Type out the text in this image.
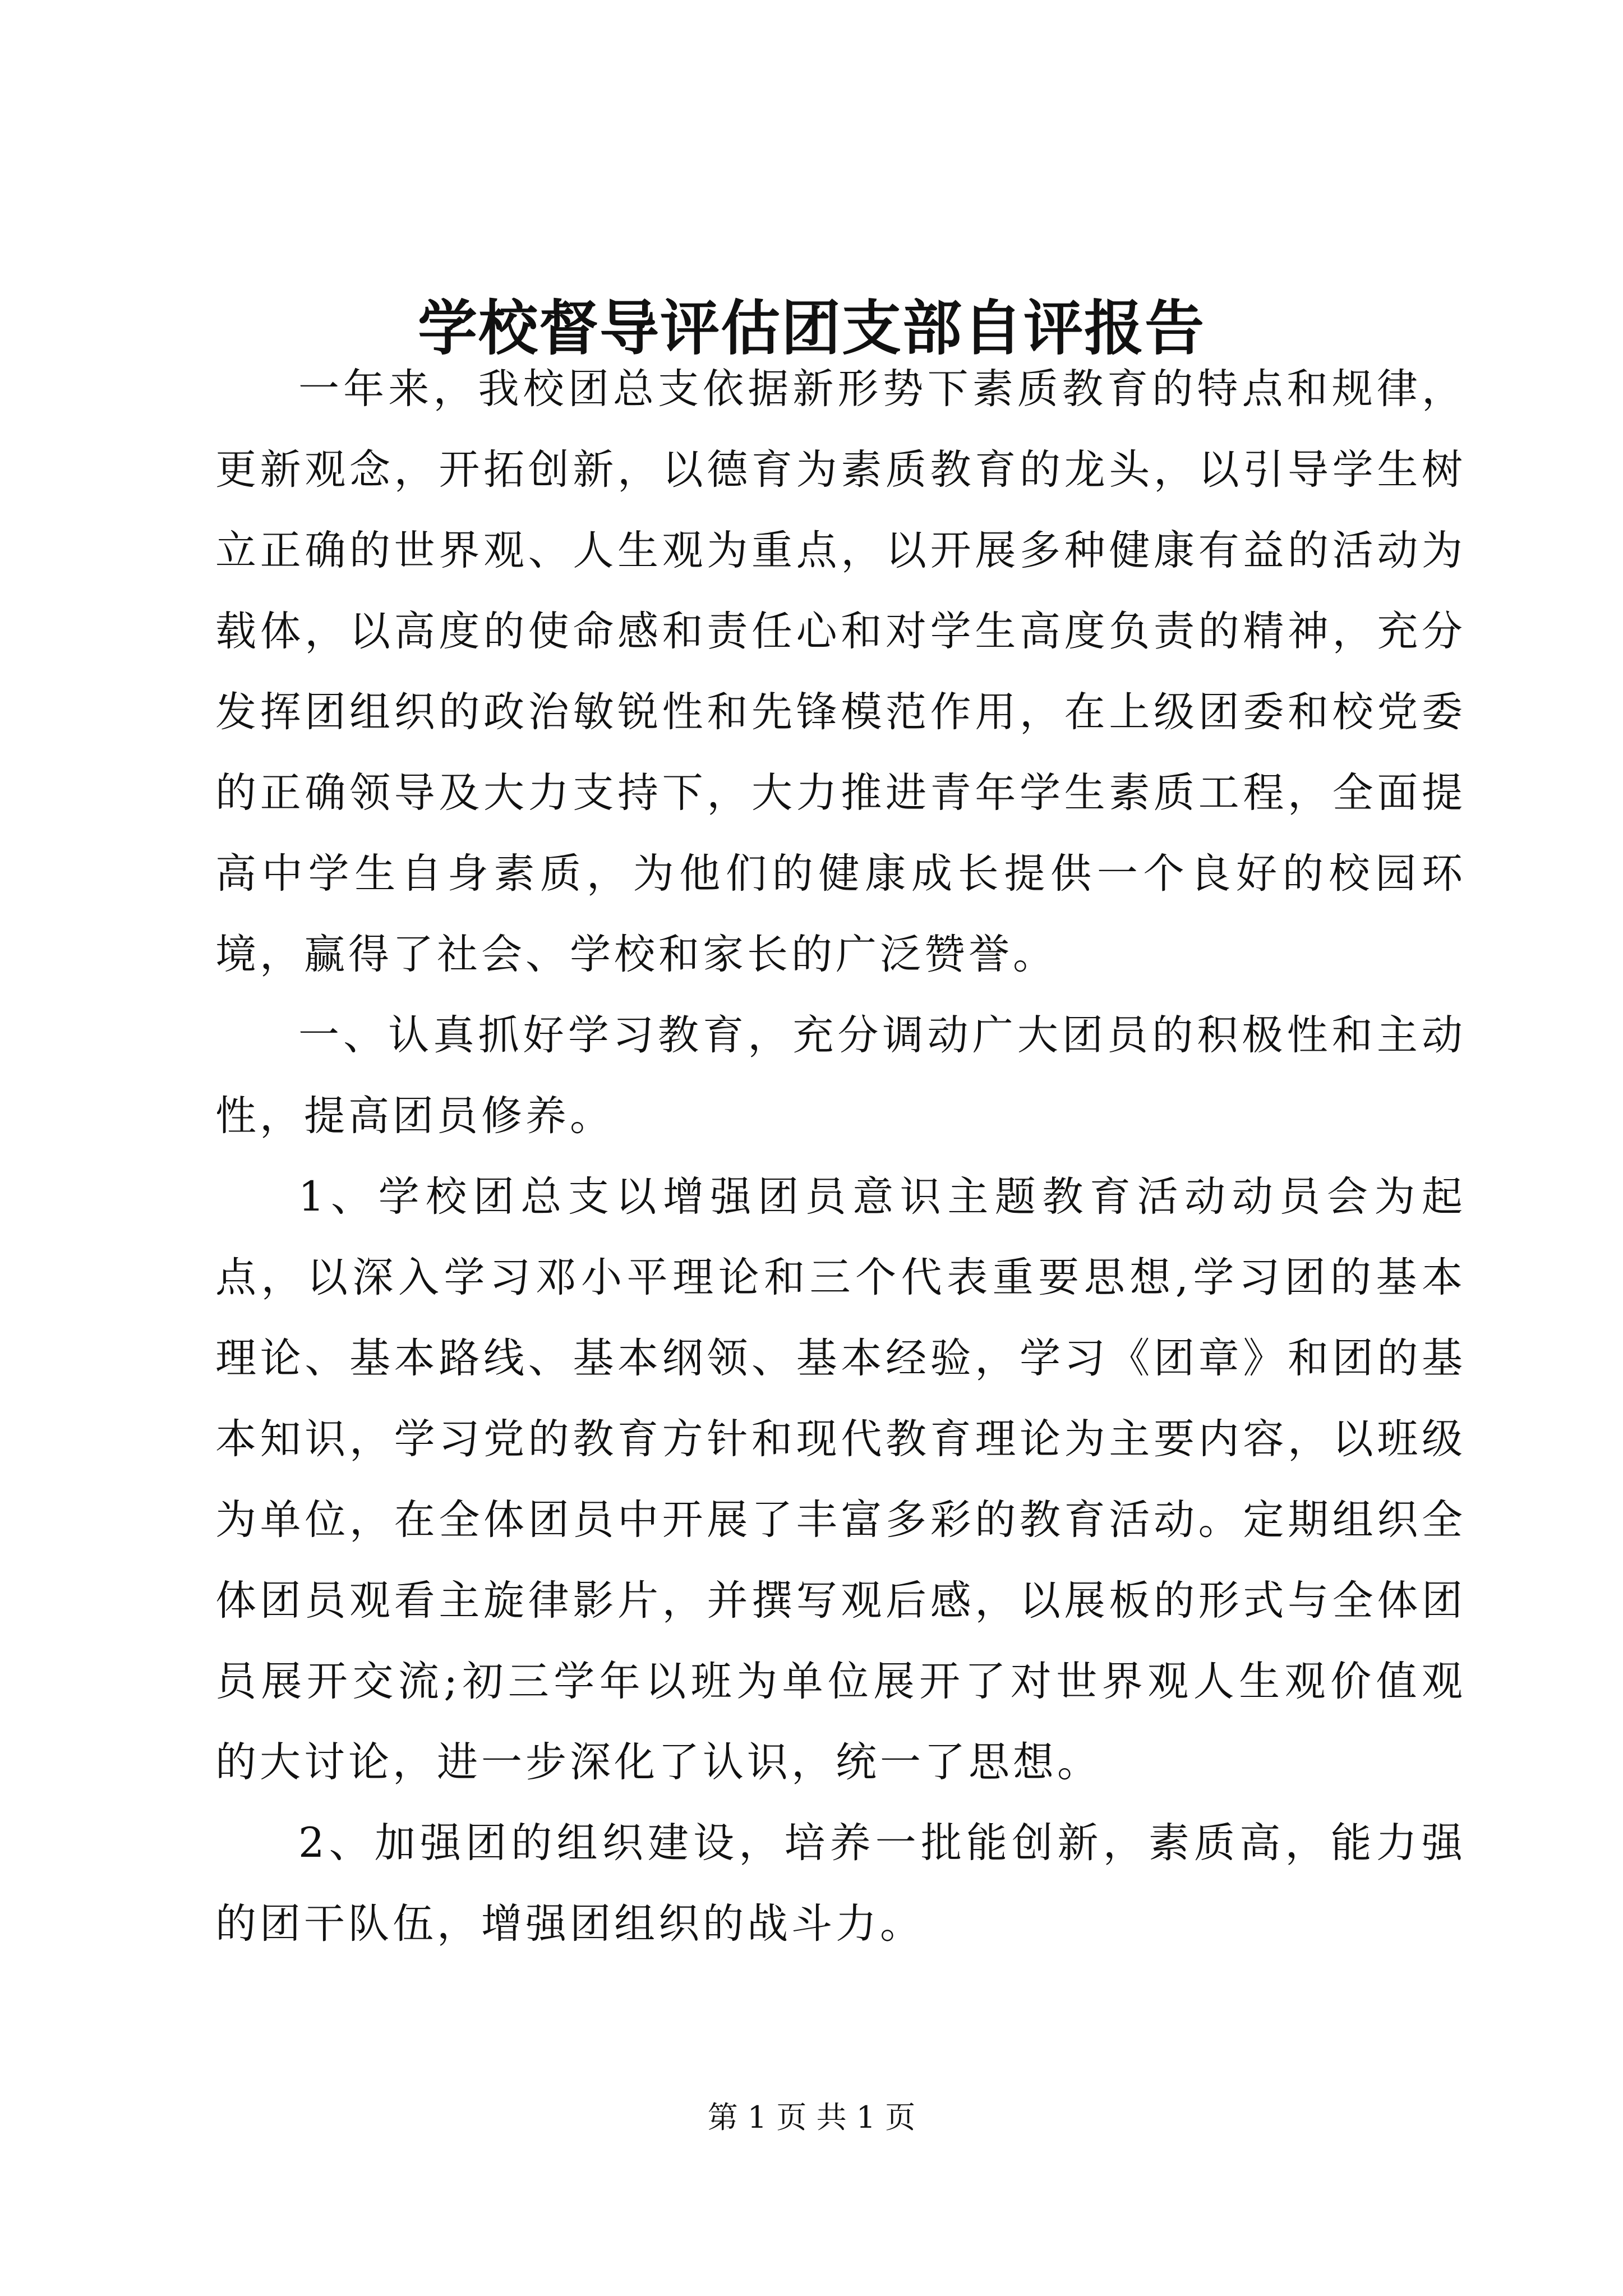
学校督导评估团支部自评报告

一年来，我校团总支依据新形势下素质教育的特点和规律，更新观念，开拓创新，以德育为素质教育的龙头，以引导学生树立正确的世界观、人生观为重点，以开展多种健康有益的活动为载体，以高度的使命感和责任心和对学生高度负责的精神，充分发挥团组织的政治敏锐性和先锋模范作用，在上级团委和校党委的正确领导及大力支持下，大力推进青年学生素质工程，全面提高中学生自身素质，为他们的健康成长提供一个良好的校园环境，赢得了社会、学校和家长的广泛赞誉。

一、认真抓好学习教育，充分调动广大团员的积极性和主动性，提高团员修养。

1、学校团总支以增强团员意识主题教育活动动员会为起点，以深入学习邓小平理论和三个代表重要思想,学习团的基本理论、基本路线、基本纲领、基本经验，学习《团章》和团的基本知识，学习党的教育方针和现代教育理论为主要内容，以班级为单位，在全体团员中开展了丰富多彩的教育活动。定期组织全体团员观看主旋律影片，并撰写观后感，以展板的形式与全体团员展开交流;初三学年以班为单位展开了对世界观人生观价值观的大讨论，进一步深化了认识，统一了思想。

2、加强团的组织建设，培养一批能创新，素质高，能力强的团干队伍，增强团组织的战斗力。

第 1 页 共 1 页
